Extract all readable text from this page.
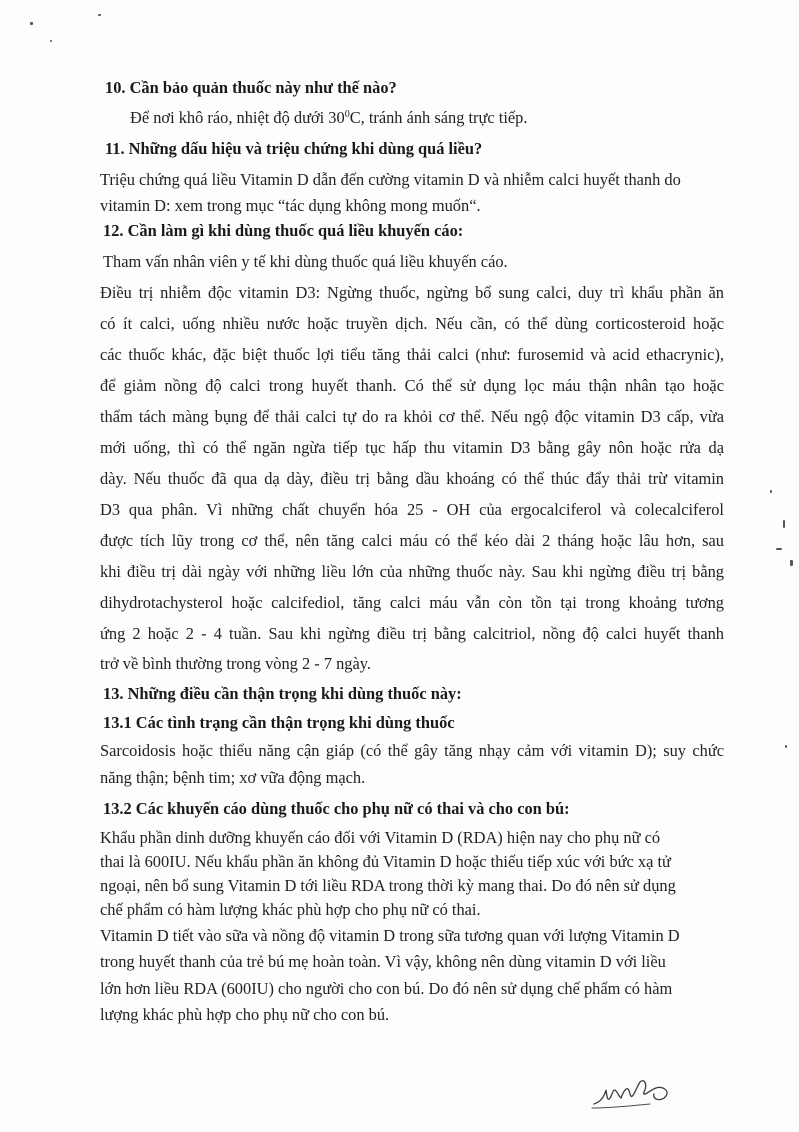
10. Cần bảo quản thuốc này như thế nào?
Để nơi khô ráo, nhiệt độ dưới $30^0C$, tránh ánh sáng trực tiếp.
11. Những dấu hiệu và triệu chứng khi dùng quá liều?
Triệu chứng quá liều Vitamin D dẫn đến cường vitamin D và nhiễm calci huyết thanh do
vitamin D: xem trong mục “tác dụng không mong muốn“.
12. Cần làm gì khi dùng thuốc quá liều khuyến cáo:
Tham vấn nhân viên y tế khi dùng thuốc quá liều khuyến cáo.
Điều trị nhiễm độc vitamin D3: Ngừng thuốc, ngừng bổ sung calci, duy trì khẩu phần ăn
có ít calci, uống nhiều nước hoặc truyền dịch. Nếu cần, có thể dùng corticosteroid hoặc
các thuốc khác, đặc biệt thuốc lợi tiểu tăng thải calci (như: furosemid và acid ethacrynic),
để giảm nồng độ calci trong huyết thanh. Có thể sử dụng lọc máu thận nhân tạo hoặc
thẩm tách màng bụng để thải calci tự do ra khỏi cơ thể. Nếu ngộ độc vitamin D3 cấp, vừa
mới uống, thì có thể ngăn ngừa tiếp tục hấp thu vitamin D3 bằng gây nôn hoặc rửa dạ
dày. Nếu thuốc đã qua dạ dày, điều trị bằng dầu khoáng có thể thúc đẩy thải trừ vitamin
D3 qua phân. Vì những chất chuyển hóa 25 - OH của ergocalciferol và colecalciferol
được tích lũy trong cơ thể, nên tăng calci máu có thể kéo dài 2 tháng hoặc lâu hơn, sau
khi điều trị dài ngày với những liều lớn của những thuốc này. Sau khi ngừng điều trị bằng
dihydrotachysterol hoặc calcifediol, tăng calci máu vẫn còn tồn tại trong khoảng tương
ứng 2 hoặc 2 - 4 tuần. Sau khi ngừng điều trị bằng calcitriol, nồng độ calci huyết thanh
trở về bình thường trong vòng 2 - 7 ngày.
13. Những điều cần thận trọng khi dùng thuốc này:
13.1 Các tình trạng cần thận trọng khi dùng thuốc
Sarcoidosis hoặc thiểu năng cận giáp (có thể gây tăng nhạy cảm với vitamin D); suy chức
năng thận; bệnh tim; xơ vữa động mạch.
13.2 Các khuyến cáo dùng thuốc cho phụ nữ có thai và cho con bú:
Khẩu phần dinh dưỡng khuyến cáo đối với Vitamin D (RDA) hiện nay cho phụ nữ có
thai là 600IU. Nếu khẩu phần ăn không đủ Vitamin D hoặc thiếu tiếp xúc với bức xạ tử
ngoại, nên bổ sung Vitamin D tới liều RDA trong thời kỳ mang thai. Do đó nên sử dụng
chế phẩm có hàm lượng khác phù hợp cho phụ nữ có thai.
Vitamin D tiết vào sữa và nồng độ vitamin D trong sữa tương quan với lượng Vitamin D
trong huyết thanh của trẻ bú mẹ hoàn toàn. Vì vậy, không nên dùng vitamin D với liều
lớn hơn liều RDA (600IU) cho người cho con bú. Do đó nên sử dụng chế phẩm có hàm
lượng khác phù hợp cho phụ nữ cho con bú.
